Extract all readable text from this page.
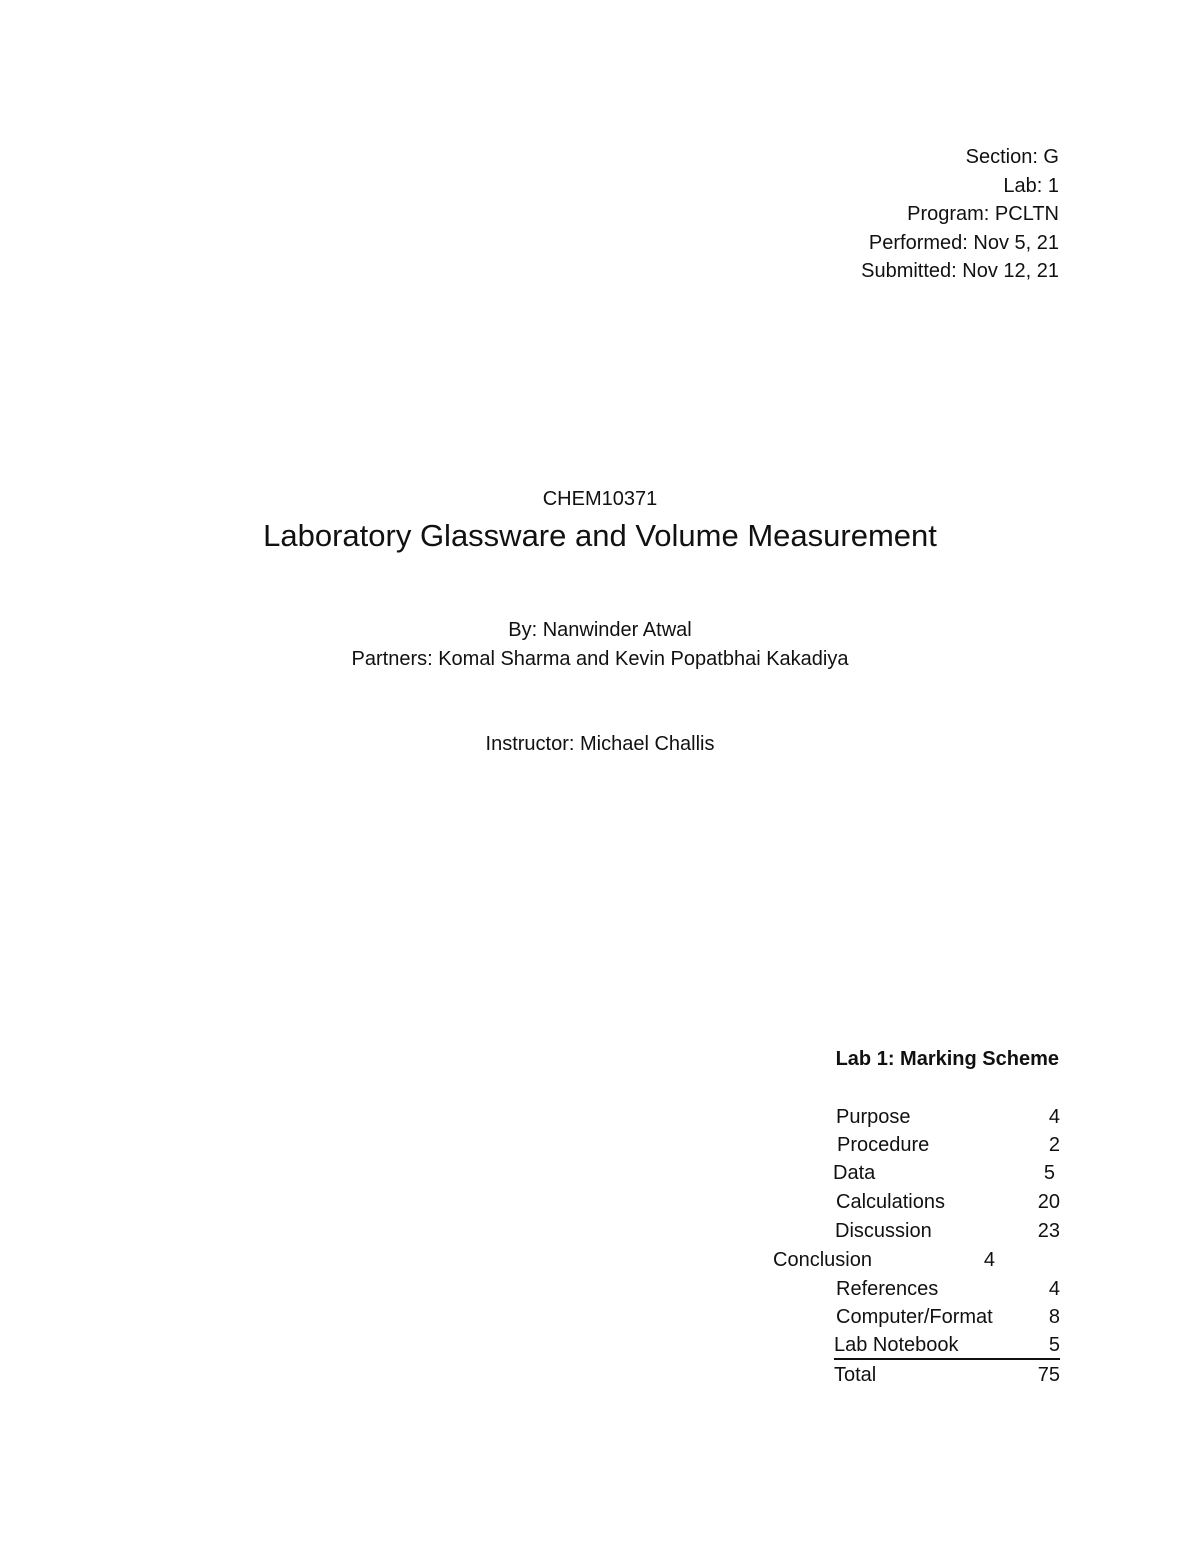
Section: G
Lab: 1
Program: PCLTN
Performed: Nov 5, 21
Submitted: Nov 12, 21
CHEM10371
Laboratory Glassware and Volume Measurement
By: Nanwinder Atwal
Partners: Komal Sharma and Kevin Popatbhai Kakadiya
Instructor: Michael Challis
Lab 1: Marking Scheme
Purpose	4
Procedure	2
Data	5
Calculations	20
Discussion	23
Conclusion	4
References	4
Computer/Format	8
Lab Notebook	5
Total	75
